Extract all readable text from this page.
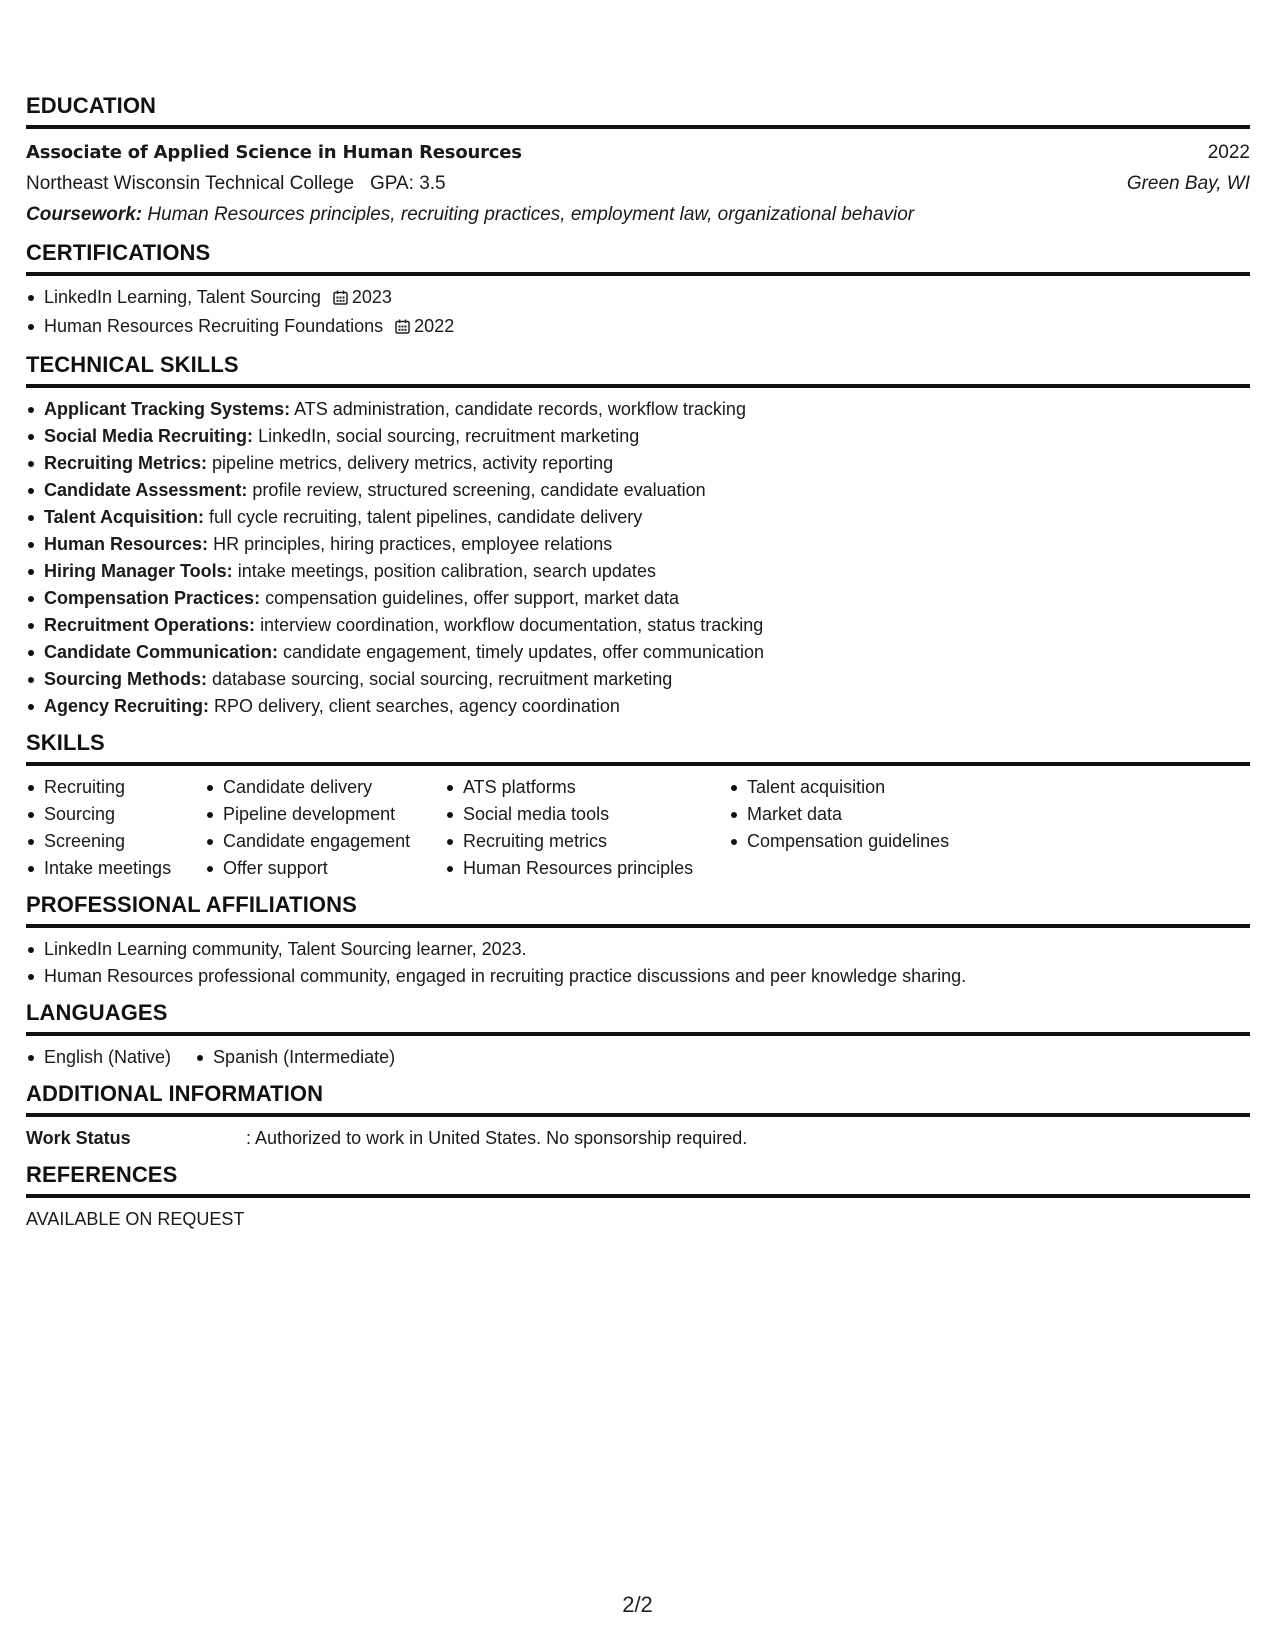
EDUCATION
Associate of Applied Science in Human Resources	2022
Northeast Wisconsin Technical College GPA: 3.5	Green Bay, WI
Coursework: Human Resources principles, recruiting practices, employment law, organizational behavior
CERTIFICATIONS
LinkedIn Learning, Talent Sourcing 2023
Human Resources Recruiting Foundations 2022
TECHNICAL SKILLS
Applicant Tracking Systems: ATS administration, candidate records, workflow tracking
Social Media Recruiting: LinkedIn, social sourcing, recruitment marketing
Recruiting Metrics: pipeline metrics, delivery metrics, activity reporting
Candidate Assessment: profile review, structured screening, candidate evaluation
Talent Acquisition: full cycle recruiting, talent pipelines, candidate delivery
Human Resources: HR principles, hiring practices, employee relations
Hiring Manager Tools: intake meetings, position calibration, search updates
Compensation Practices: compensation guidelines, offer support, market data
Recruitment Operations: interview coordination, workflow documentation, status tracking
Candidate Communication: candidate engagement, timely updates, offer communication
Sourcing Methods: database sourcing, social sourcing, recruitment marketing
Agency Recruiting: RPO delivery, client searches, agency coordination
SKILLS
Recruiting
Sourcing
Screening
Intake meetings
Candidate delivery
Pipeline development
Candidate engagement
Offer support
ATS platforms
Social media tools
Recruiting metrics
Human Resources principles
Talent acquisition
Market data
Compensation guidelines
PROFESSIONAL AFFILIATIONS
LinkedIn Learning community, Talent Sourcing learner, 2023.
Human Resources professional community, engaged in recruiting practice discussions and peer knowledge sharing.
LANGUAGES
English (Native)	Spanish (Intermediate)
ADDITIONAL INFORMATION
Work Status	: Authorized to work in United States. No sponsorship required.
REFERENCES
AVAILABLE ON REQUEST
2/2
